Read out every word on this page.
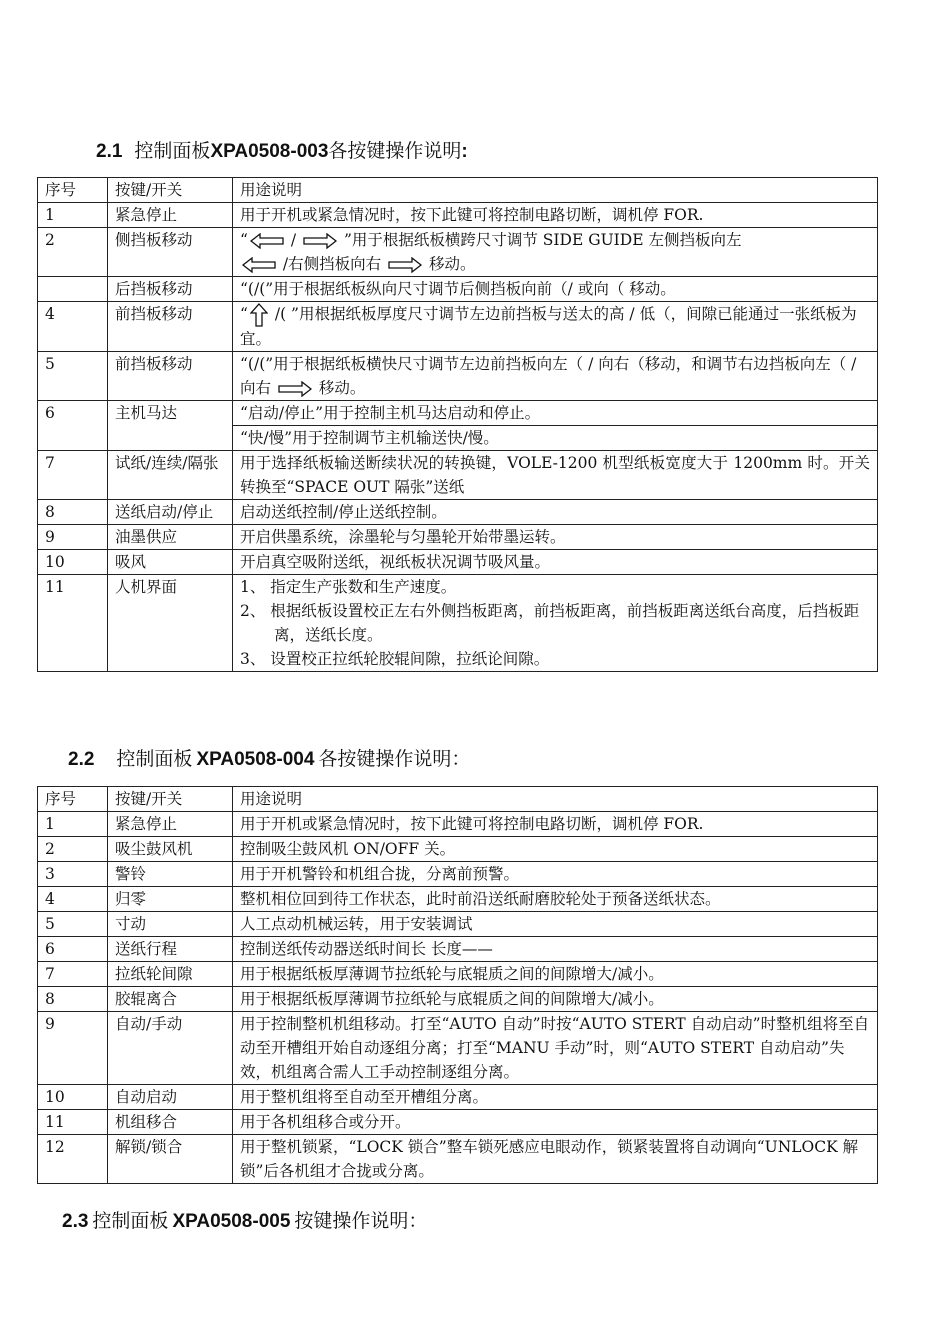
2.1 控制面板XPA0508-003各按键操作说明:
序号	按键/开关	用途说明
1	紧急停止	用于开机或紧急情况时，按下此键可将控制电路切断，调机停 FOR.
2	侧挡板移动	“ /  ”用于根据纸板横跨尺寸调节 SIDE GUIDE 左侧挡板向左
/右侧挡板向右  移动。
	后挡板移动	“(/(”用于根据纸板纵向尺寸调节后侧挡板向前（/ 或向（ 移动。
4	前挡板移动	“ /( ”用根据纸板厚度尺寸调节左边前挡板与送太的高 / 低（，间隙已能通过一张纸板为宜。
5	前挡板移动	“(/(”用于根据纸板横快尺寸调节左边前挡板向左（ / 向右（移动，和调节右边挡板向左（ / 向右  移动。
6	主机马达	“启动/停止”用于控制主机马达启动和停止。
		“快/慢”用于控制调节主机输送快/慢。
7	试纸/连续/隔张	用于选择纸板输送断续状况的转换键，VOLE-1200 机型纸板宽度大于 1200mm 时。开关转换至“SPACE OUT 隔张”送纸
8	送纸启动/停止	启动送纸控制/停止送纸控制。
9	油墨供应	开启供墨系统，涂墨轮与匀墨轮开始带墨运转。
10	吸风	开启真空吸附送纸，视纸板状况调节吸风量。
11	人机界面	1、 指定生产张数和生产速度。
2、 根据纸板设置校正左右外侧挡板距离，前挡板距离，前挡板距离送纸台高度，后挡板距离，送纸长度。
3、 设置校正拉纸轮胶辊间隙，拉纸论间隙。
2.2 控制面板 XPA0508-004 各按键操作说明：
序号	按键/开关	用途说明
1	紧急停止	用于开机或紧急情况时，按下此键可将控制电路切断，调机停 FOR.
2	吸尘鼓风机	控制吸尘鼓风机 ON/OFF 关。
3	警铃	用于开机警铃和机组合拢，分离前预警。
4	归零	整机相位回到待工作状态，此时前沿送纸耐磨胶轮处于预备送纸状态。
5	寸动	人工点动机械运转，用于安装调试
6	送纸行程	控制送纸传动器送纸时间长 长度——
7	拉纸轮间隙	用于根据纸板厚薄调节拉纸轮与底辊质之间的间隙增大/减小。
8	胶辊离合	用于根据纸板厚薄调节拉纸轮与底辊质之间的间隙增大/减小。
9	自动/手动	用于控制整机机组移动。打至“AUTO 自动”时按“AUTO STERT 自动启动”时整机组将至自动至开槽组开始自动逐组分离；打至“MANU 手动”时，则“AUTO STERT 自动启动”失效，机组离合需人工手动控制逐组分离。
10	自动启动	用于整机组将至自动至开槽组分离。
11	机组移合	用于各机组移合或分开。
12	解锁/锁合	用于整机锁紧，“LOCK 锁合”整车锁死感应电眼动作，锁紧装置将自动调向“UNLOCK 解锁”后各机组才合拢或分离。
2.3 控制面板 XPA0508-005 按键操作说明：
